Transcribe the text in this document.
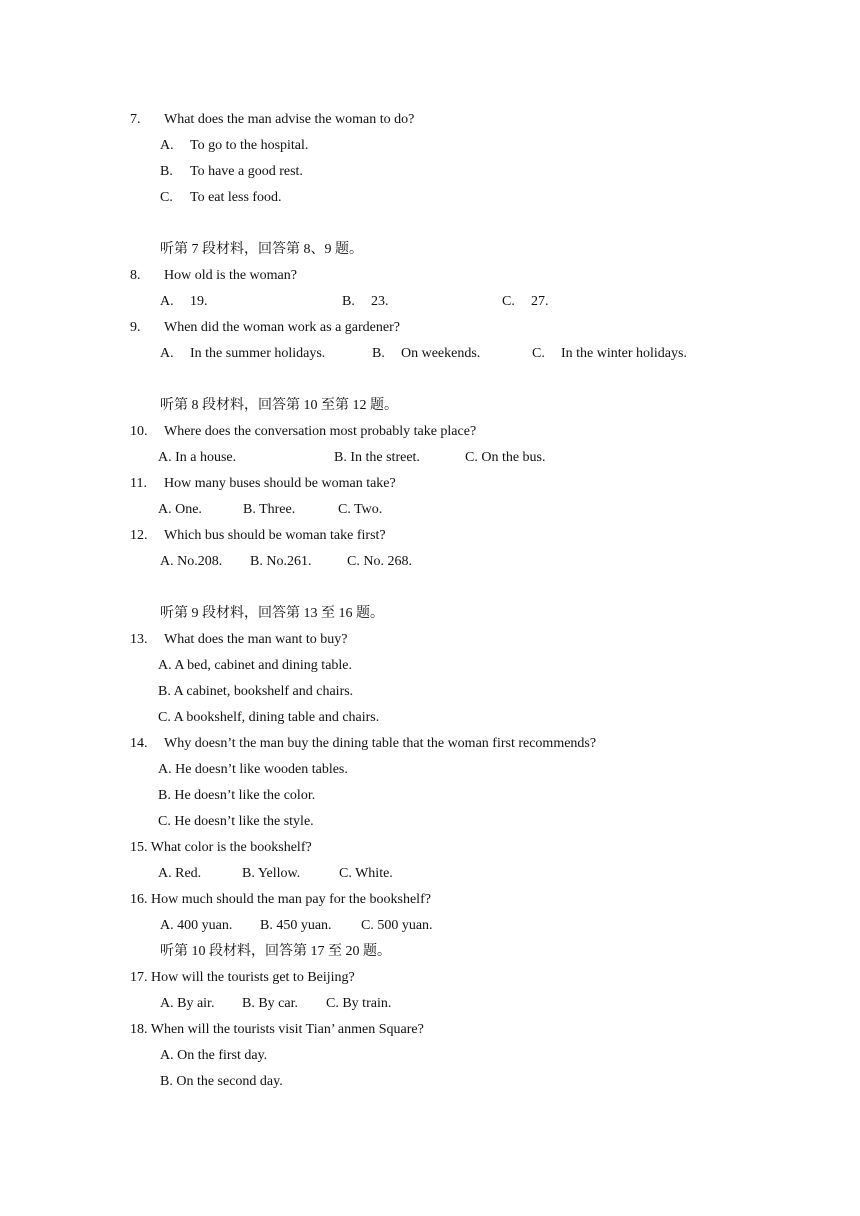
7. What does the man advise the woman to do?
A. To go to the hospital.
B. To have a good rest.
C. To eat less food.
听第 7 段材料，回答第 8、9 题。
8. How old is the woman?
A. 19.	B. 23.	C. 27.
9. When did the woman work as a gardener?
A. In the summer holidays.	B. On weekends.	C. In the winter holidays.
听第 8 段材料，回答第 10 至第 12 题。
10. Where does the conversation most probably take place?
A. In a house.	B. In the street.	C. On the bus.
11. How many buses should be woman take?
A. One.	B. Three.	C. Two.
12. Which bus should be woman take first?
A. No.208. B. No.261.	C. No. 268.
听第 9 段材料，回答第 13 至 16 题。
13. What does the man want to buy?
A. A bed, cabinet and dining table.
B. A cabinet, bookshelf and chairs.
C. A bookshelf, dining table and chairs.
14. Why doesn’t the man buy the dining table that the woman first recommends?
A. He doesn’t like wooden tables.
B. He doesn’t like the color.
C. He doesn’t like the style.
15. What color is the bookshelf?
A. Red.	B. Yellow.	C. White.
16. How much should the man pay for the bookshelf?
A. 400 yuan. B. 450 yuan. C. 500 yuan.
听第 10 段材料，回答第 17 至 20 题。
17. How will the tourists get to Beijing?
A. By air. B. By car. C. By train.
18. When will the tourists visit Tian’ anmen Square?
A. On the first day.
B. On the second day.
